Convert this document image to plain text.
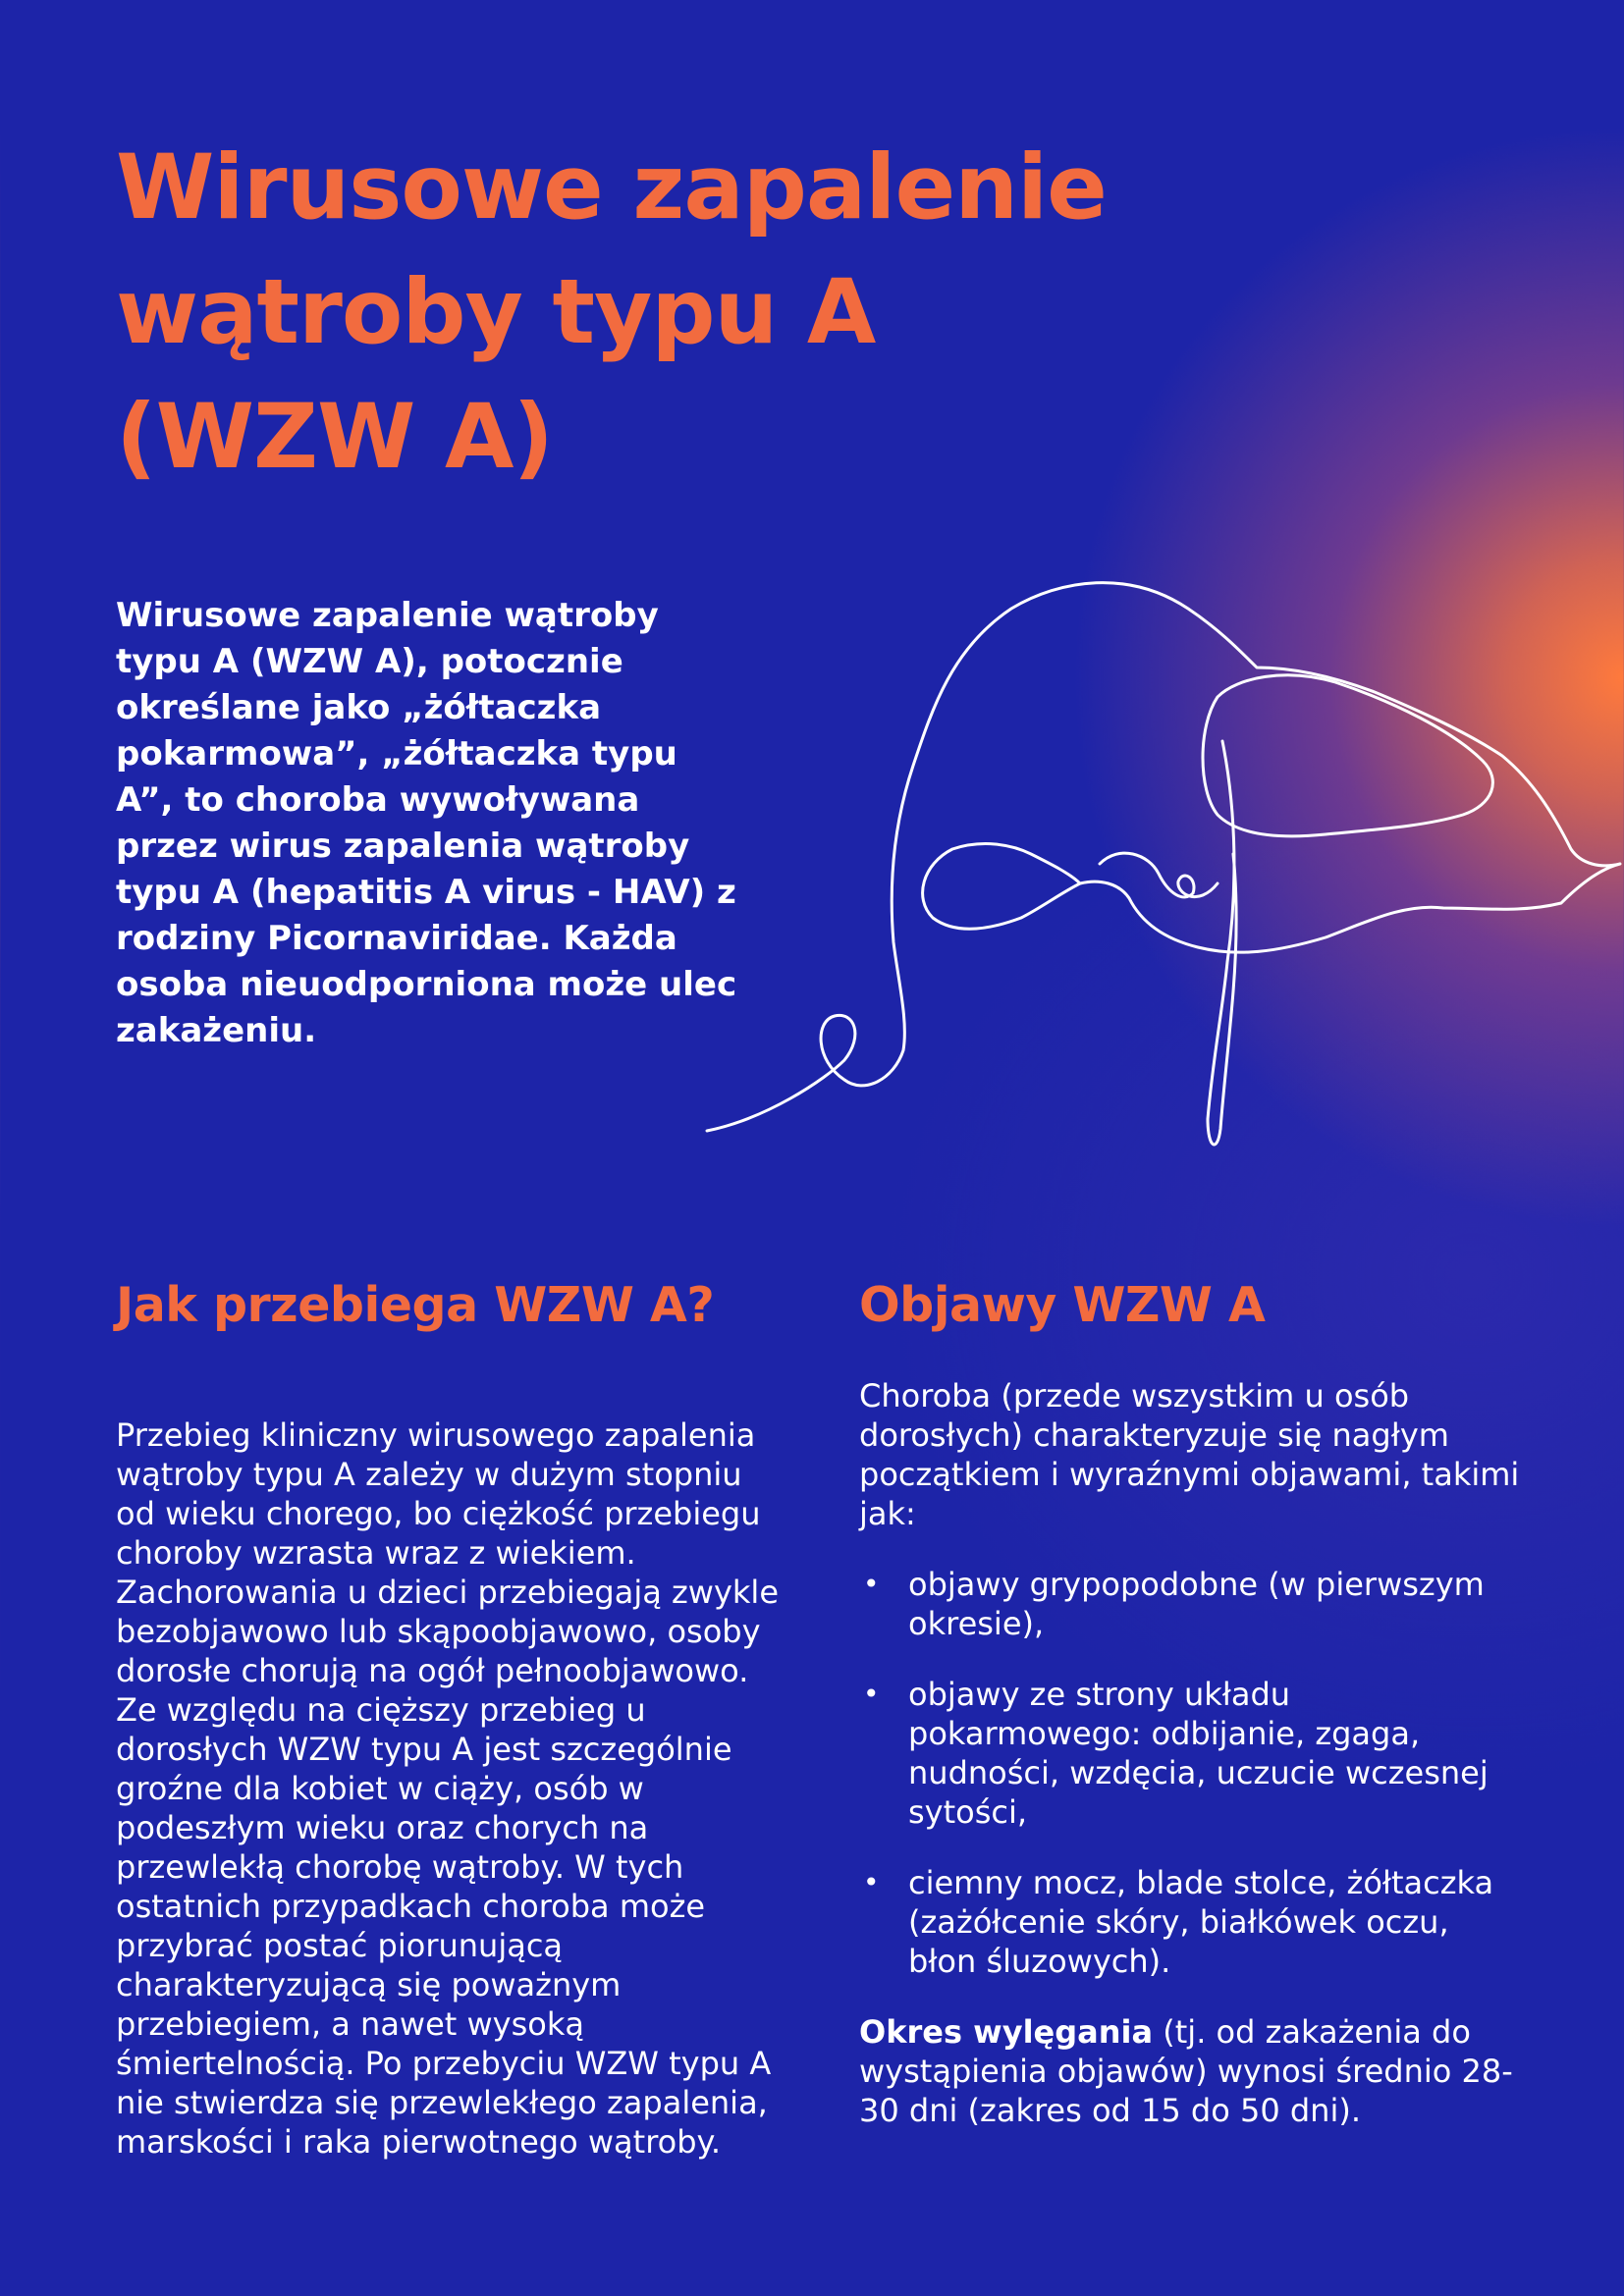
Wirusowe zapalenie
wątroby typu A
(WZW A)

Wirusowe zapalenie wątroby typu A (WZW A), potocznie określane jako „żółtaczka pokarmowa”, „żółtaczka typu A”, to choroba wywoływana przez wirus zapalenia wątroby typu A (hepatitis A virus - HAV) z rodziny Picornaviridae. Każda osoba nieuodporniona może ulec zakażeniu.

Jak przebiega WZW A?

Przebieg kliniczny wirusowego zapalenia wątroby typu A zależy w dużym stopniu od wieku chorego, bo ciężkość przebiegu choroby wzrasta wraz z wiekiem. Zachorowania u dzieci przebiegają zwykle bezobjawowo lub skąpoobjawowo, osoby dorosłe chorują na ogół pełnoobjawowo. Ze względu na cięższy przebieg u dorosłych WZW typu A jest szczególnie groźne dla kobiet w ciąży, osób w podeszłym wieku oraz chorych na przewlekłą chorobę wątroby. W tych ostatnich przypadkach choroba może przybrać postać piorunującą charakteryzującą się poważnym przebiegiem, a nawet wysoką śmiertelnością. Po przebyciu WZW typu A nie stwierdza się przewlekłego zapalenia, marskości i raka pierwotnego wątroby.

Objawy WZW A

Choroba (przede wszystkim u osób dorosłych) charakteryzuje się nagłym początkiem i wyraźnymi objawami, takimi jak:

• objawy grypopodobne (w pierwszym okresie),
• objawy ze strony układu pokarmowego: odbijanie, zgaga, nudności, wzdęcia, uczucie wczesnej sytości,
• ciemny mocz, blade stolce, żółtaczka (zażółcenie skóry, białkówek oczu, błon śluzowych).

Okres wylęgania (tj. od zakażenia do wystąpienia objawów) wynosi średnio 28-30 dni (zakres od 15 do 50 dni).
